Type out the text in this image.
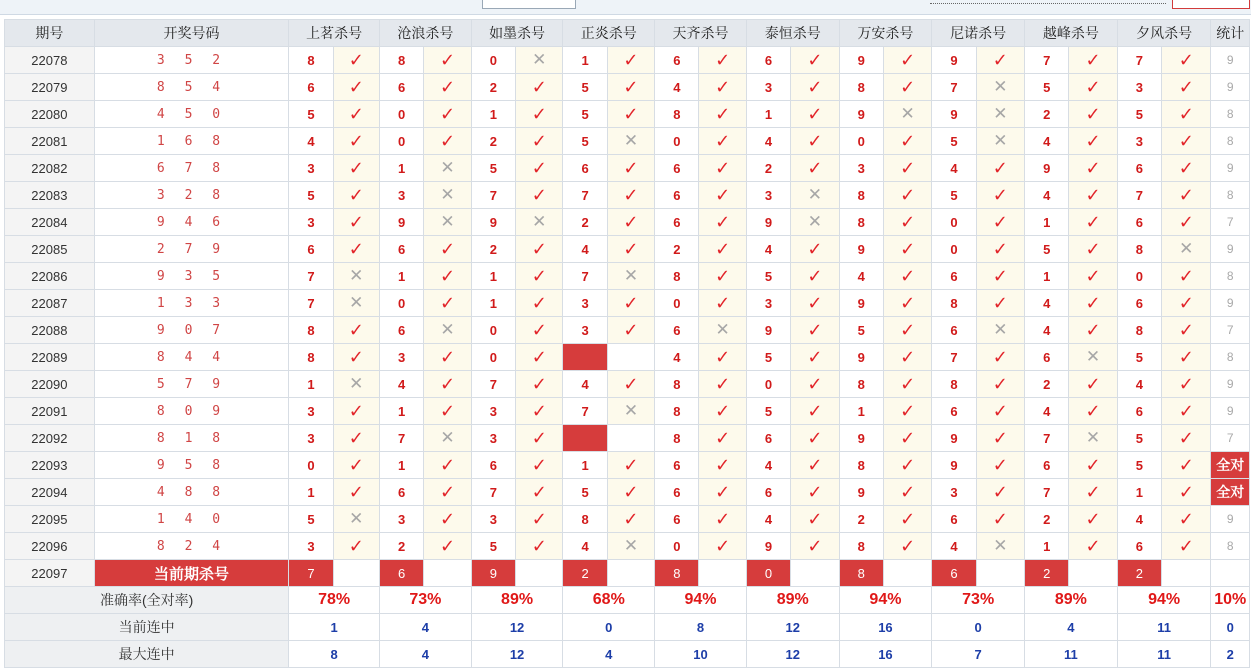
期号	开奖号码	上茗杀号		沧浪杀号		如墨杀号		正炎杀号		天齐杀号		泰恒杀号		万安杀号		尼诺杀号		越峰杀号		夕风杀号		统计
22078	3 5 2	8	✓	8	✓	0	✕	1	✓	6	✓	6	✓	9	✓	9	✓	7	✓	7	✓	9
22079	8 5 4	6	✓	6	✓	2	✓	5	✓	4	✓	3	✓	8	✓	7	✕	5	✓	3	✓	9
22080	4 5 0	5	✓	0	✓	1	✓	5	✓	8	✓	1	✓	9	✕	9	✕	2	✓	5	✓	8
22081	1 6 8	4	✓	0	✓	2	✓	5	✕	0	✓	4	✓	0	✓	5	✕	4	✓	3	✓	8
22082	6 7 8	3	✓	1	✕	5	✓	6	✓	6	✓	2	✓	3	✓	4	✓	9	✓	6	✓	9
22083	3 2 8	5	✓	3	✕	7	✓	7	✓	6	✓	3	✕	8	✓	5	✓	4	✓	7	✓	8
22084	9 4 6	3	✓	9	✕	9	✕	2	✓	6	✓	9	✕	8	✓	0	✓	1	✓	6	✓	7
22085	2 7 9	6	✓	6	✓	2	✓	4	✓	2	✓	4	✓	9	✓	0	✓	5	✓	8	✕	9
22086	9 3 5	7	✕	1	✓	1	✓	7	✕	8	✓	5	✓	4	✓	6	✓	1	✓	0	✓	8
22087	1 3 3	7	✕	0	✓	1	✓	3	✓	0	✓	3	✓	9	✓	8	✓	4	✓	6	✓	9
22088	9 0 7	8	✓	6	✕	0	✓	3	✓	6	✕	9	✓	5	✓	6	✕	4	✓	8	✓	7
22089	8 4 4	8	✓	3	✓	0	✓			4	✓	5	✓	9	✓	7	✓	6	✕	5	✓	8
22090	5 7 9	1	✕	4	✓	7	✓	4	✓	8	✓	0	✓	8	✓	8	✓	2	✓	4	✓	9
22091	8 0 9	3	✓	1	✓	3	✓	7	✕	8	✓	5	✓	1	✓	6	✓	4	✓	6	✓	9
22092	8 1 8	3	✓	7	✕	3	✓			8	✓	6	✓	9	✓	9	✓	7	✕	5	✓	7
22093	9 5 8	0	✓	1	✓	6	✓	1	✓	6	✓	4	✓	8	✓	9	✓	6	✓	5	✓	全对
22094	4 8 8	1	✓	6	✓	7	✓	5	✓	6	✓	6	✓	9	✓	3	✓	7	✓	1	✓	全对
22095	1 4 0	5	✕	3	✓	3	✓	8	✓	6	✓	4	✓	2	✓	6	✓	2	✓	4	✓	9
22096	8 2 4	3	✓	2	✓	5	✓	4	✕	0	✓	9	✓	8	✓	4	✕	1	✓	6	✓	8
22097	当前期杀号	7		6		9		2		8		0		8		6		2		2		
准确率(全对率)		78%		73%		89%		68%		94%		89%		94%		73%		89%		94%		10%
当前连中		1		4		12		0		8		12		16		0		4		11		0
最大连中		8		4		12		4		10		12		16		7		11		11		2
